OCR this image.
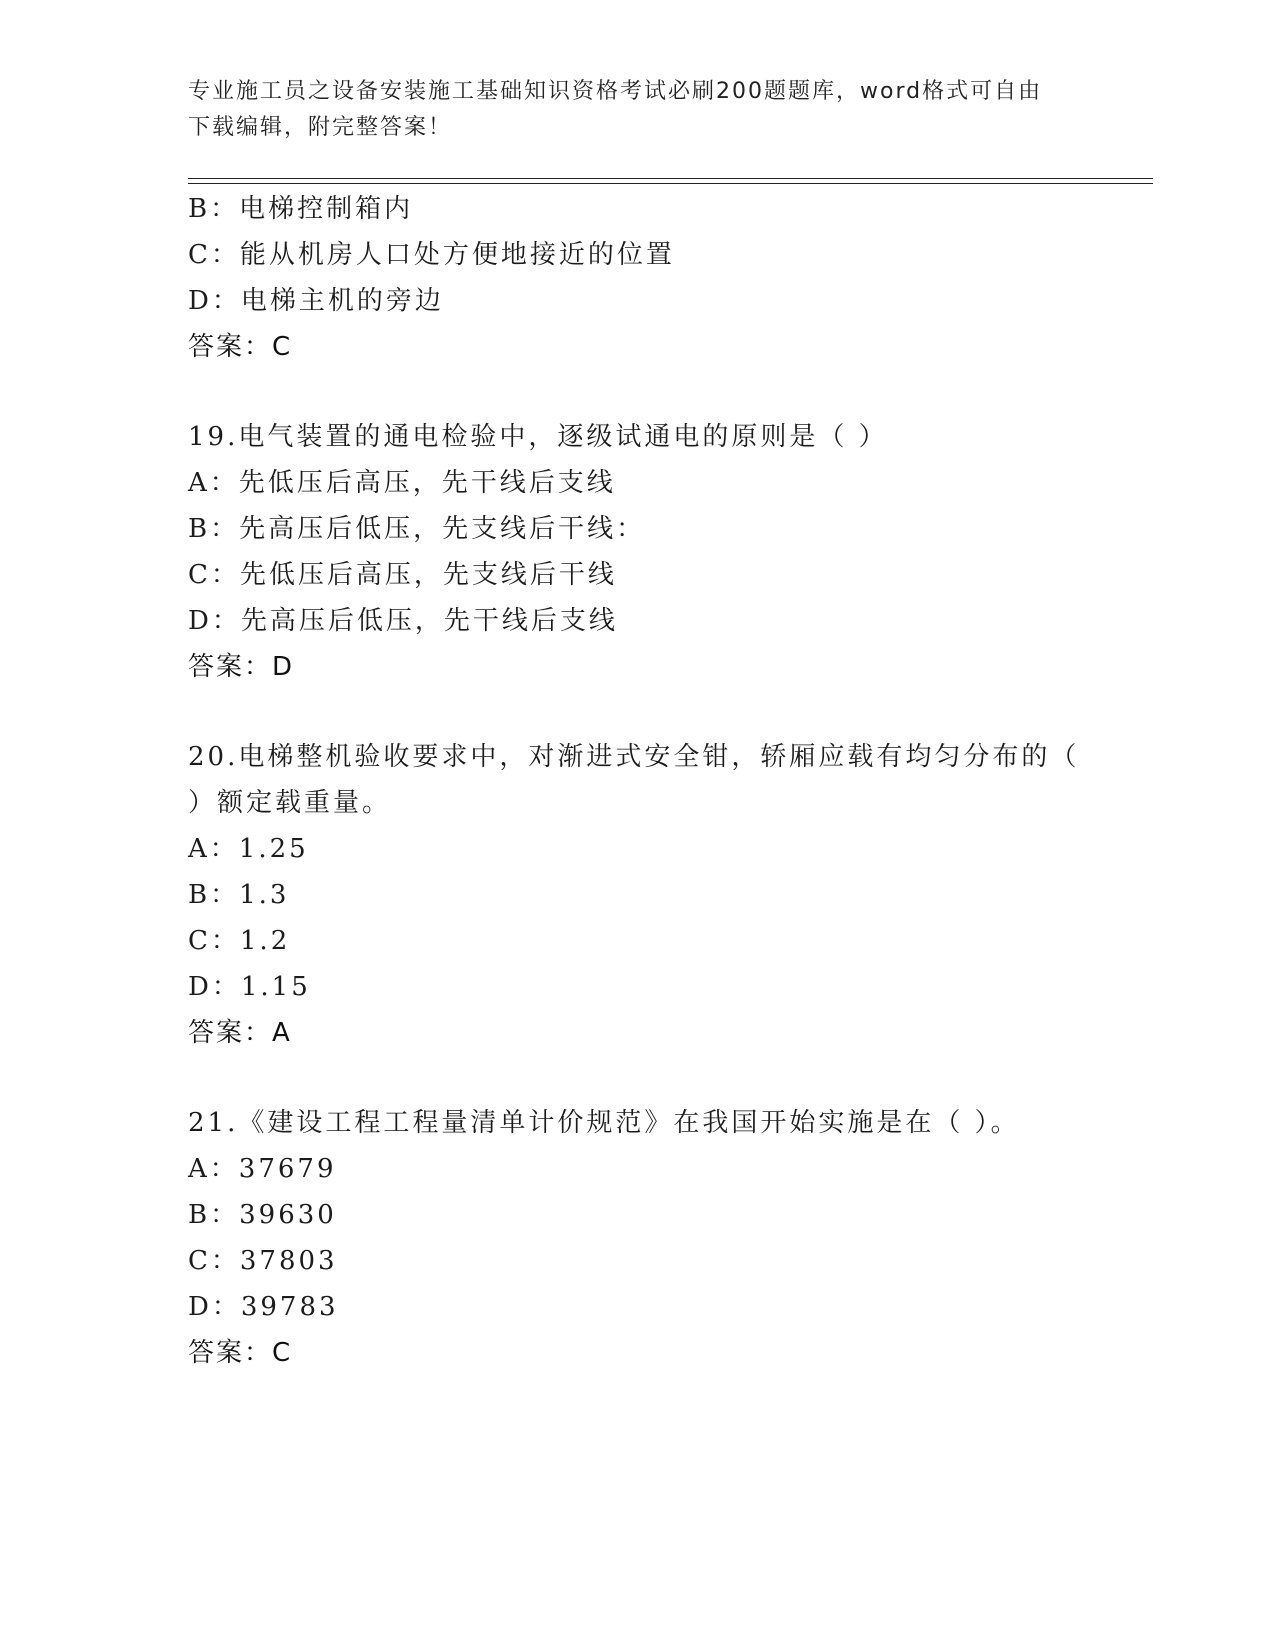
专业施工员之设备安装施工基础知识资格考试必刷200题题库，word格式可自由
下载编辑，附完整答案！
B：电梯控制箱内
C：能从机房人口处方便地接近的位置
D：电梯主机的旁边
答案：C
19.电气装置的通电检验中，逐级试通电的原则是（ ）
A：先低压后高压，先干线后支线
B：先高压后低压，先支线后干线：
C：先低压后高压，先支线后干线
D：先高压后低压，先干线后支线
答案：D
20.电梯整机验收要求中，对渐进式安全钳，轿厢应载有均匀分布的（
）额定载重量。
A：1.25
B：1.3
C：1.2
D：1.15
答案：A
21.《建设工程工程量清单计价规范》在我国开始实施是在（ ）。
A：37679
B：39630
C：37803
D：39783
答案：C
